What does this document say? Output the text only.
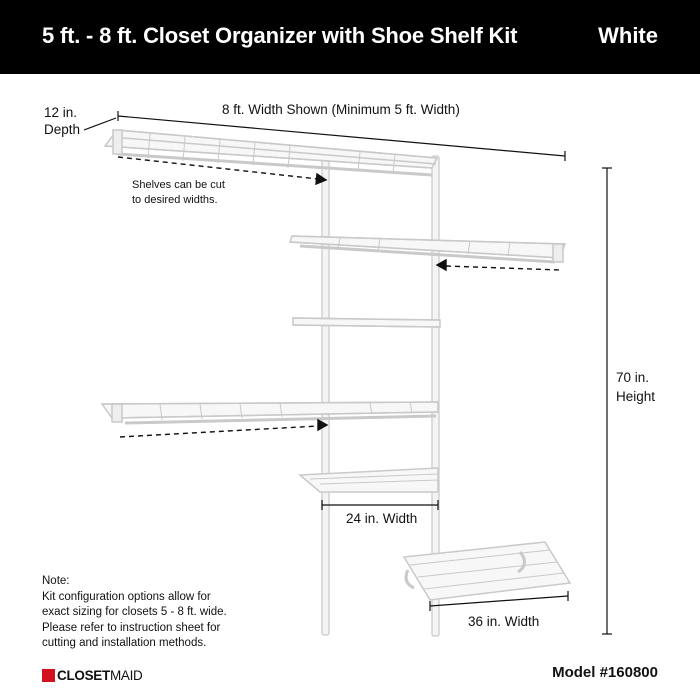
5 ft. - 8 ft. Closet Organizer with Shoe Shelf Kit	White
12 in.
Depth
8 ft. Width Shown (Minimum 5 ft. Width)
Shelves can be cut
to desired widths.
70 in.
Height
24 in. Width
36 in. Width
Note:
Kit configuration options allow for
exact sizing for closets 5 - 8 ft. wide.
Please refer to instruction sheet for
cutting and installation methods.
CLOSETMAID	Model #160800
